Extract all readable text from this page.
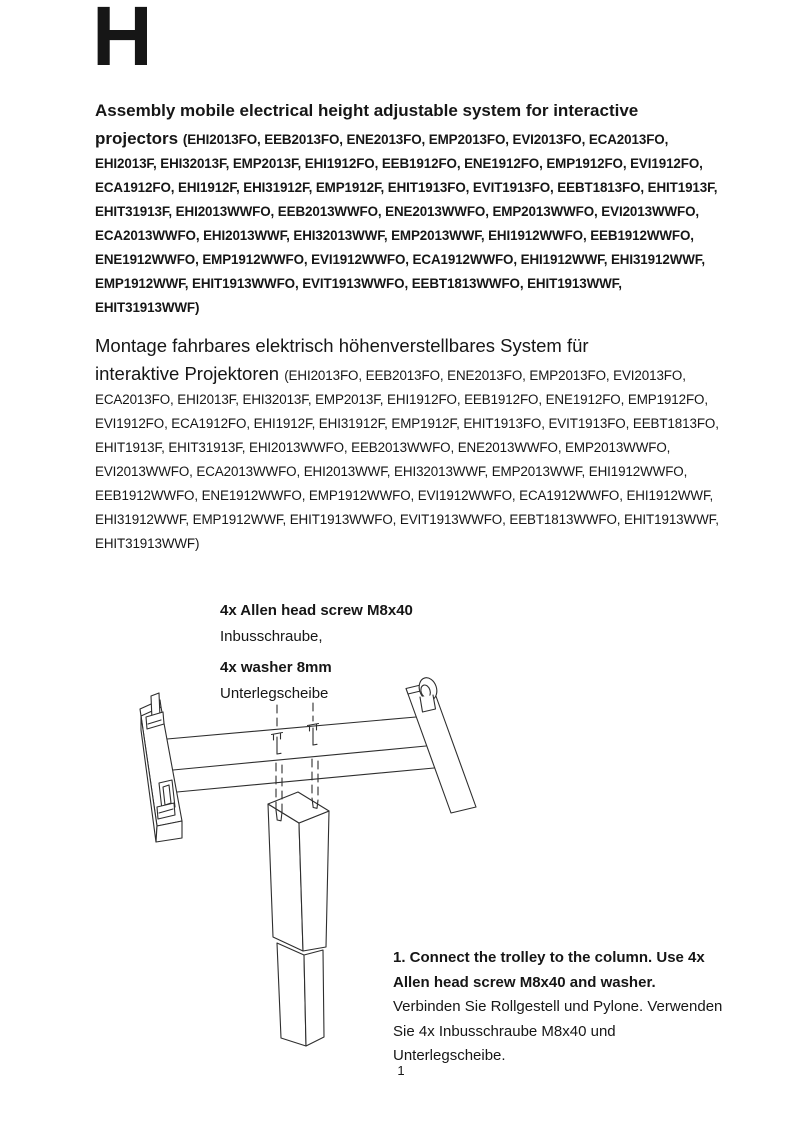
H
Assembly mobile electrical height adjustable system for interactive
projectors (EHI2013FO, EEB2013FO, ENE2013FO, EMP2013FO, EVI2013FO, ECA2013FO, EHI2013F, EHI32013F, EMP2013F, EHI1912FO, EEB1912FO, ENE1912FO, EMP1912FO, EVI1912FO, ECA1912FO, EHI1912F, EHI31912F, EMP1912F, EHIT1913FO, EVIT1913FO, EEBT1813FO, EHIT1913F, EHIT31913F, EHI2013WWFO, EEB2013WWFO, ENE2013WWFO, EMP2013WWFO, EVI2013WWFO, ECA2013WWFO, EHI2013WWF, EHI32013WWF, EMP2013WWF, EHI1912WWFO, EEB1912WWFO, ENE1912WWFO, EMP1912WWFO, EVI1912WWFO, ECA1912WWFO, EHI1912WWF, EHI31912WWF, EMP1912WWF, EHIT1913WWFO, EVIT1913WWFO, EEBT1813WWFO, EHIT1913WWF, EHIT31913WWF)
Montage fahrbares elektrisch höhenverstellbares System für
interaktive Projektoren (EHI2013FO, EEB2013FO, ENE2013FO, EMP2013FO, EVI2013FO, ECA2013FO, EHI2013F, EHI32013F, EMP2013F, EHI1912FO, EEB1912FO, ENE1912FO, EMP1912FO, EVI1912FO, ECA1912FO, EHI1912F, EHI31912F, EMP1912F, EHIT1913FO, EVIT1913FO, EEBT1813FO, EHIT1913F, EHIT31913F, EHI2013WWFO, EEB2013WWFO, ENE2013WWFO, EMP2013WWFO, EVI2013WWFO, ECA2013WWFO, EHI2013WWF, EHI32013WWF, EMP2013WWF, EHI1912WWFO, EEB1912WWFO, ENE1912WWFO, EMP1912WWFO, EVI1912WWFO, ECA1912WWFO, EHI1912WWF, EHI31912WWF, EMP1912WWF, EHIT1913WWFO, EVIT1913WWFO, EEBT1813WWFO, EHIT1913WWF, EHIT31913WWF)
4x Allen head screw M8x40
Inbusschraube,
4x washer 8mm
Unterlegscheibe
1. Connect the trolley to the column. Use 4x Allen head screw M8x40 and washer. Verbinden Sie Rollgestell und Pylone. Verwenden Sie 4x Inbusschraube M8x40 und Unterlegscheibe.
1
